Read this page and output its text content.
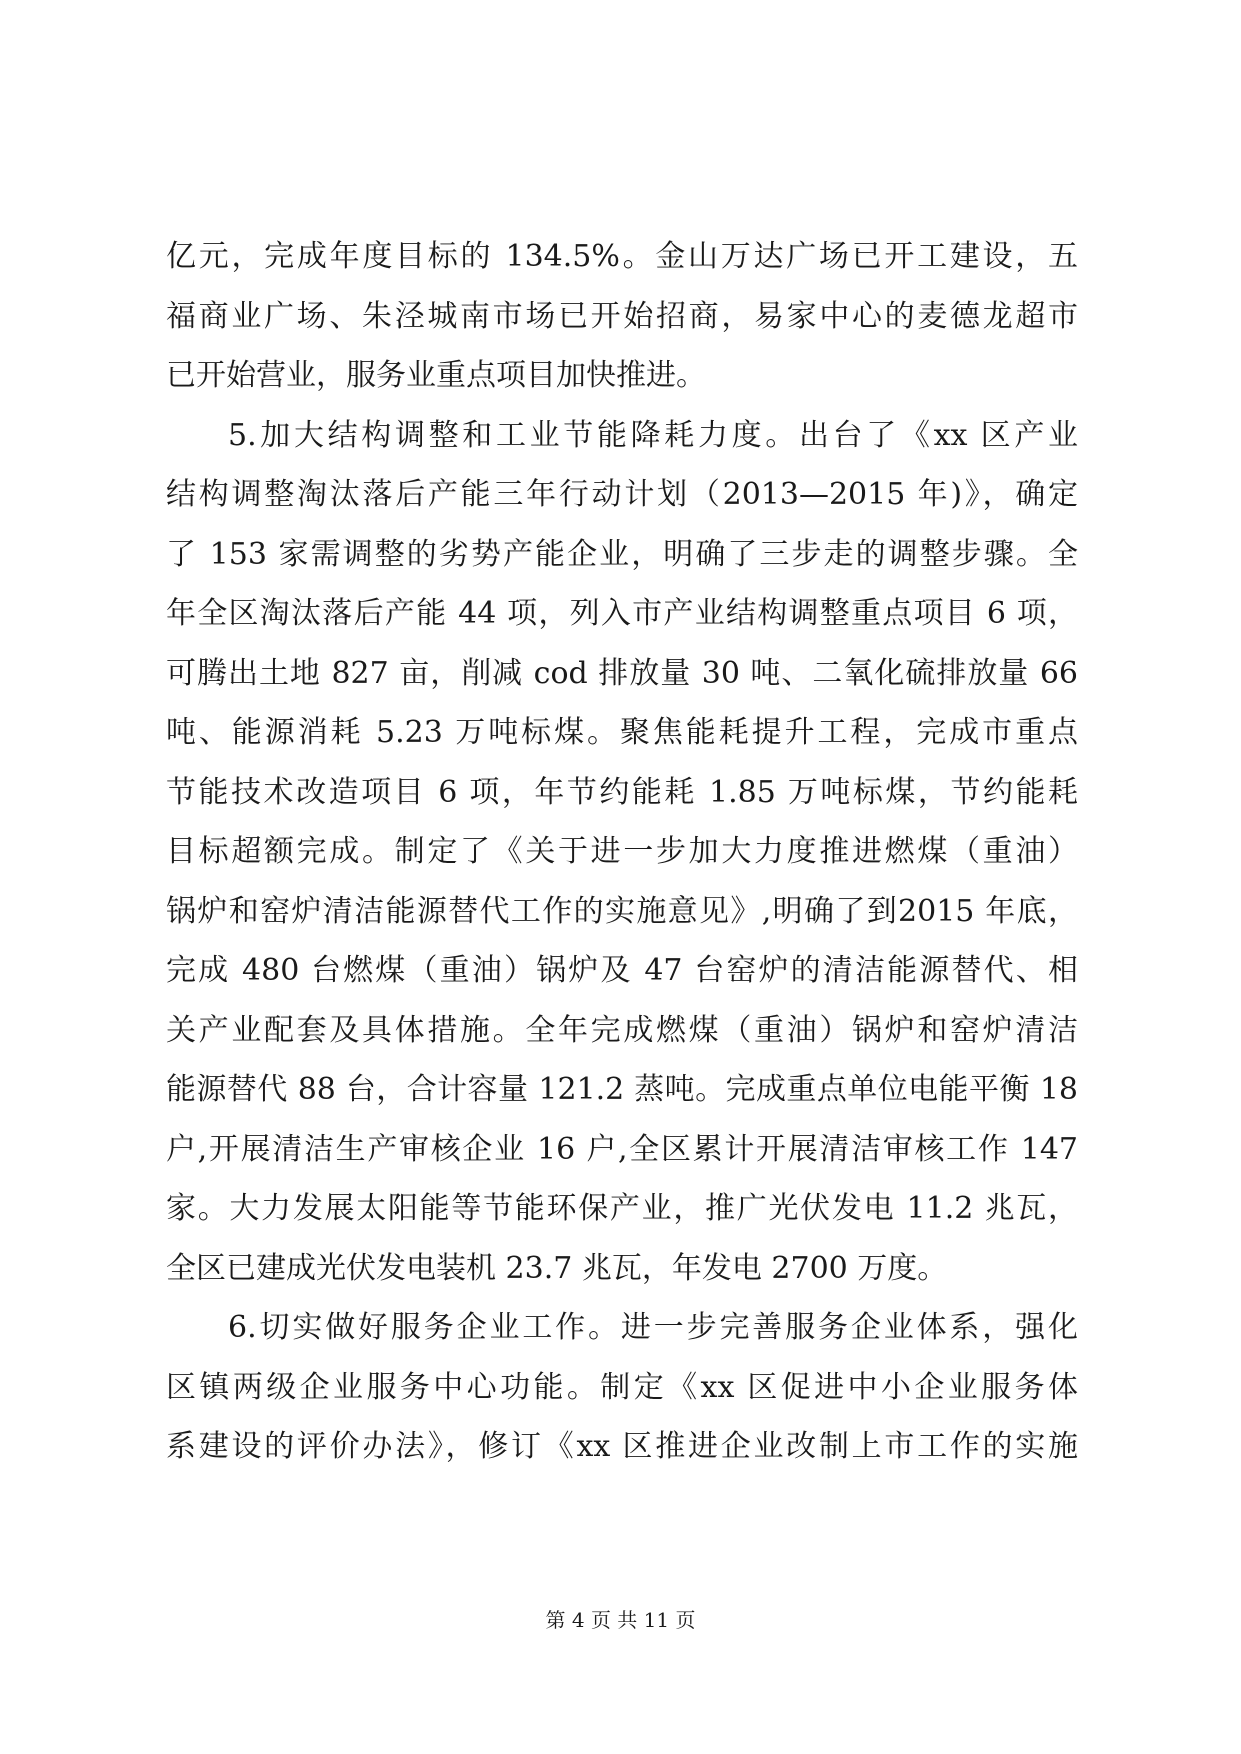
亿元，完成年度目标的 134.5%。金山万达广场已开工建设，五
福商业广场、朱泾城南市场已开始招商，易家中心的麦德龙超市
已开始营业，服务业重点项目加快推进。
5.加大结构调整和工业节能降耗力度。出台了《xx 区产业
结构调整淘汰落后产能三年行动计划（2013—2015 年)》，确定
了 153 家需调整的劣势产能企业，明确了三步走的调整步骤。全
年全区淘汰落后产能 44 项，列入市产业结构调整重点项目 6 项，
可腾出土地 827 亩，削减 cod 排放量 30 吨、二氧化硫排放量 66
吨、能源消耗 5.23 万吨标煤。聚焦能耗提升工程，完成市重点
节能技术改造项目 6 项，年节约能耗 1.85 万吨标煤，节约能耗
目标超额完成。制定了《关于进一步加大力度推进燃煤（重油）
锅炉和窑炉清洁能源替代工作的实施意见》,明确了到2015 年底，
完成 480 台燃煤（重油）锅炉及 47 台窑炉的清洁能源替代、相
关产业配套及具体措施。全年完成燃煤（重油）锅炉和窑炉清洁
能源替代 88 台，合计容量 121.2 蒸吨。完成重点单位电能平衡 18
户,开展清洁生产审核企业 16 户,全区累计开展清洁审核工作 147
家。大力发展太阳能等节能环保产业，推广光伏发电 11.2 兆瓦，
全区已建成光伏发电装机 23.7 兆瓦，年发电 2700 万度。
6.切实做好服务企业工作。进一步完善服务企业体系，强化
区镇两级企业服务中心功能。制定《xx 区促进中小企业服务体
系建设的评价办法》，修订《xx 区推进企业改制上市工作的实施
第 4 页 共 11 页
